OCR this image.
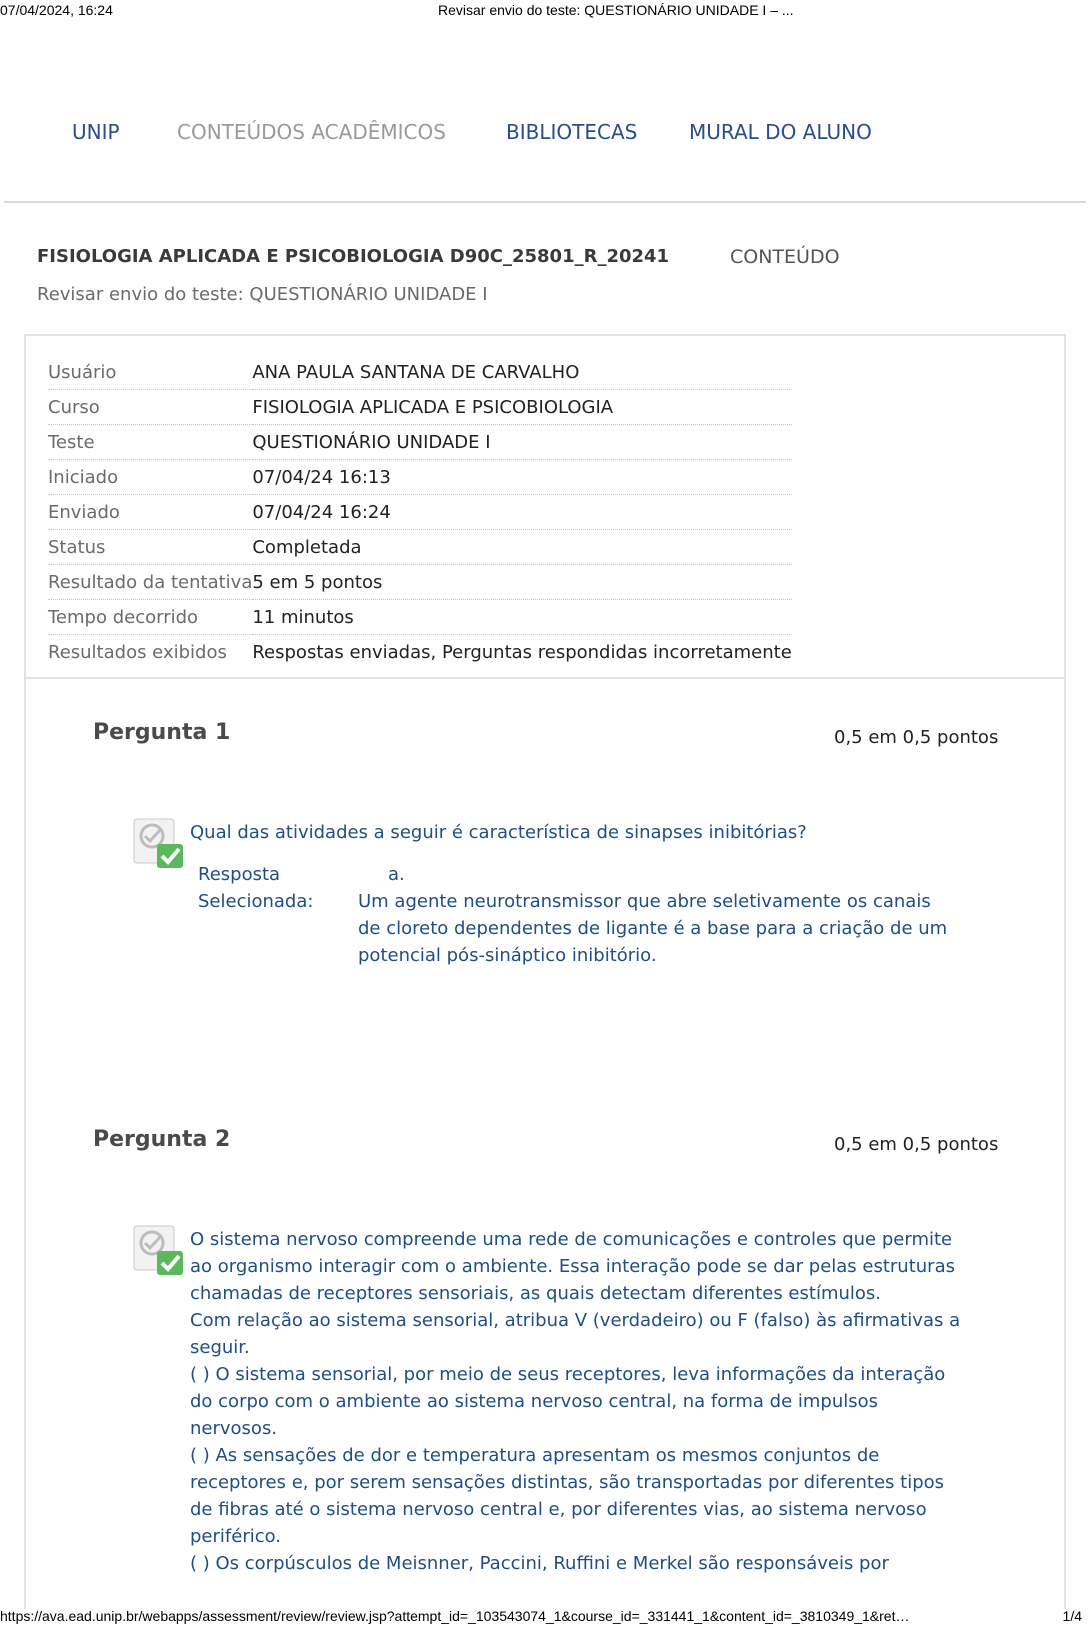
07/04/2024, 16:24	Revisar envio do teste: QUESTIONÁRIO UNIDADE I – ...
UNIP	CONTEÚDOS ACADÊMICOS	BIBLIOTECAS	MURAL DO ALUNO
FISIOLOGIA APLICADA E PSICOBIOLOGIA D90C_25801_R_20241	CONTEÚDO
Revisar envio do teste: QUESTIONÁRIO UNIDADE I
Usuário	ANA PAULA SANTANA DE CARVALHO
Curso	FISIOLOGIA APLICADA E PSICOBIOLOGIA
Teste	QUESTIONÁRIO UNIDADE I
Iniciado	07/04/24 16:13
Enviado	07/04/24 16:24
Status	Completada
Resultado da tentativa	5 em 5 pontos
Tempo decorrido	11 minutos
Resultados exibidos	Respostas enviadas, Perguntas respondidas incorretamente
Pergunta 1	0,5 em 0,5 pontos

Qual das atividades a seguir é característica de sinapses inibitórias?

Resposta
Selecionada:

a.

Um agente neurotransmissor que abre seletivamente os canais

de cloreto dependentes de ligante é a base para a criação de um

potencial pós-sináptico inibitório.

Pergunta 2	0,5 em 0,5 pontos

O sistema nervoso compreende uma rede de comunicações e controles que permite

ao organismo interagir com o ambiente. Essa interação pode se dar pelas estruturas

chamadas de receptores sensoriais, as quais detectam diferentes estímulos.

Com relação ao sistema sensorial, atribua V (verdadeiro) ou F (falso) às afirmativas a

seguir.

( ) O sistema sensorial, por meio de seus receptores, leva informações da interação

do corpo com o ambiente ao sistema nervoso central, na forma de impulsos

nervosos.

( ) As sensações de dor e temperatura apresentam os mesmos conjuntos de

receptores e, por serem sensações distintas, são transportadas por diferentes tipos

de fibras até o sistema nervoso central e, por diferentes vias, ao sistema nervoso

periférico.

( ) Os corpúsculos de Meisnner, Paccini, Ruffini e Merkel são responsáveis por

https://ava.ead.unip.br/webapps/assessment/review/review.jsp?attempt_id=_103543074_1&course_id=_331441_1&content_id=_3810349_1&ret…	1/4
